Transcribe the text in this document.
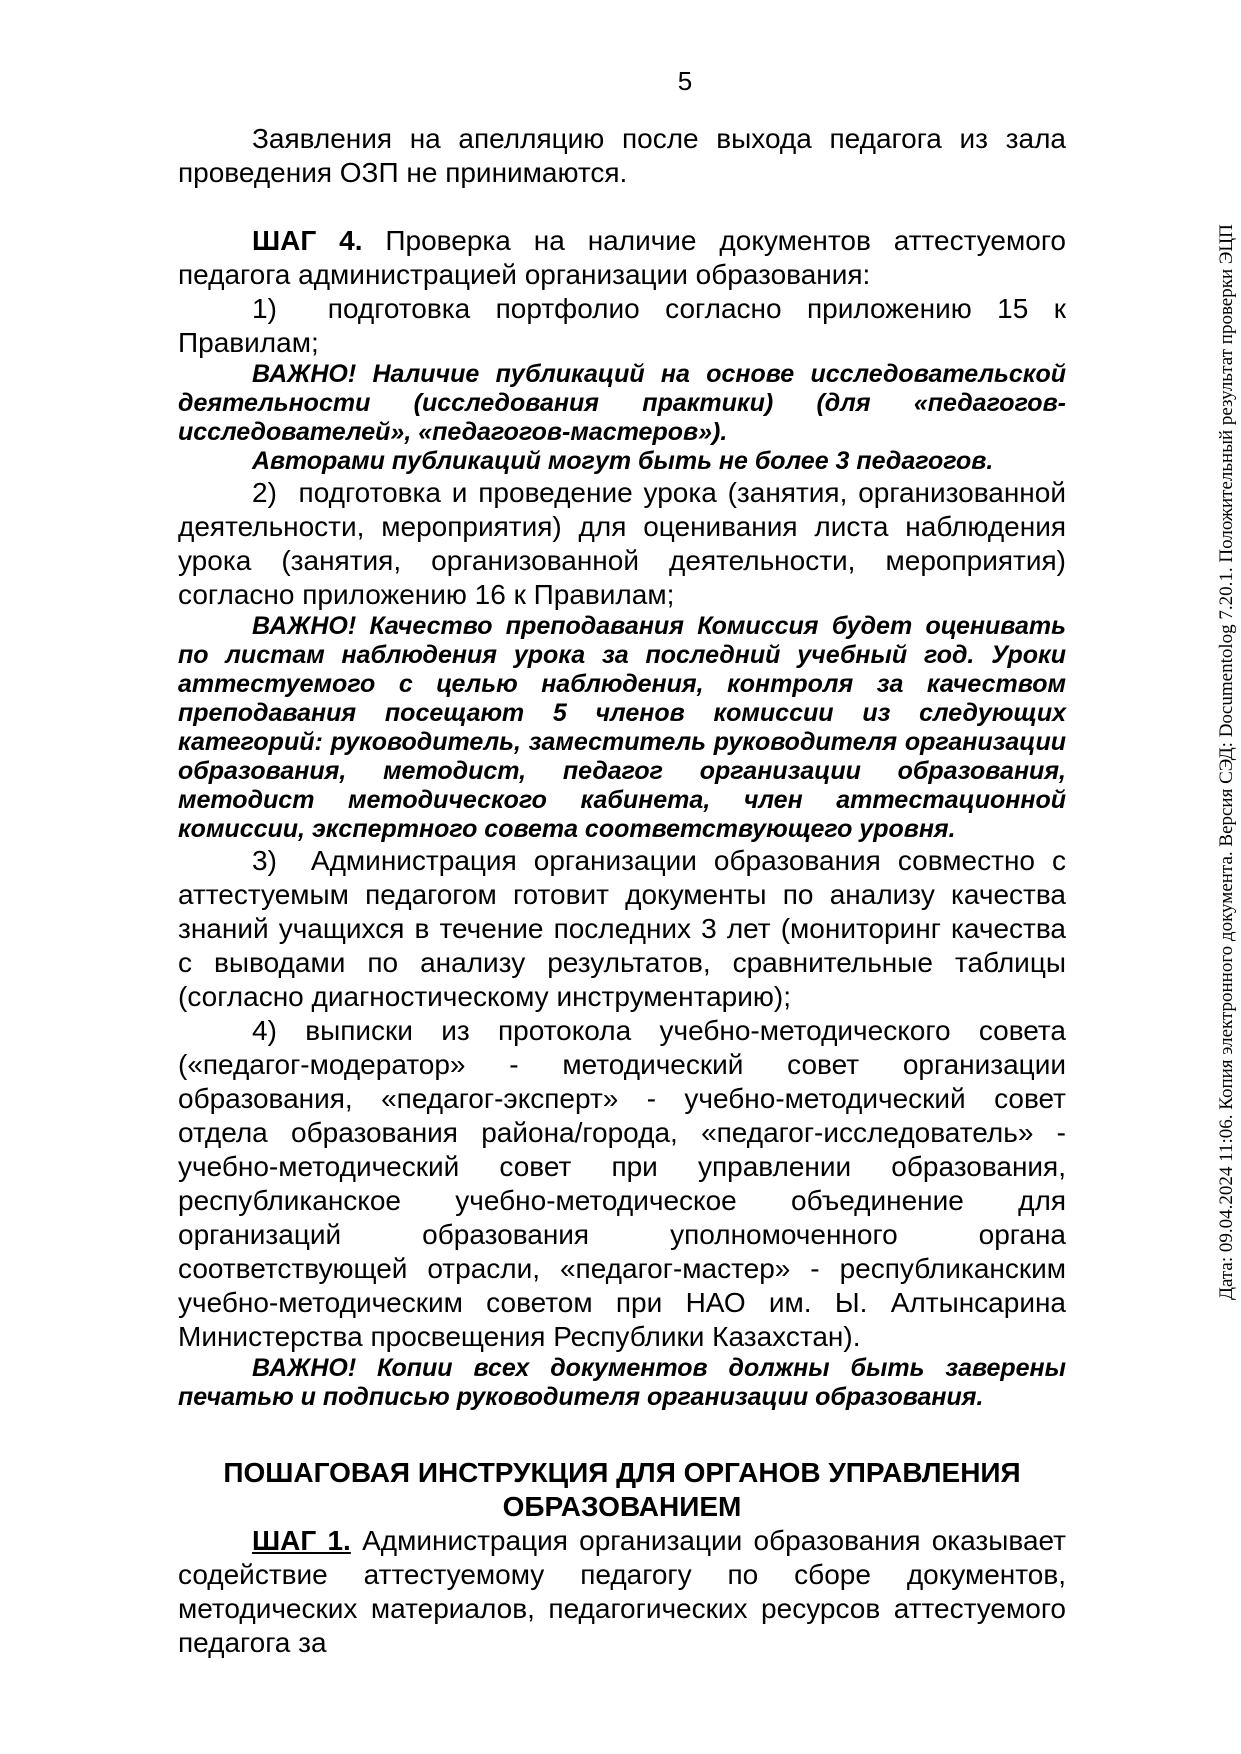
5

Заявления на апелляцию после выхода педагога из зала проведения ОЗП не принимаются.

ШАГ 4. Проверка на наличие документов аттестуемого педагога администрацией организации образования:

1)  подготовка портфолио согласно приложению 15 к Правилам;

ВАЖНО! Наличие публикаций на основе исследовательской деятельности (исследования практики) (для «педагогов-исследователей», «педагогов-мастеров»).

Авторами публикаций могут быть не более 3 педагогов.

2)  подготовка и проведение урока (занятия, организованной деятельности, мероприятия) для оценивания листа наблюдения урока (занятия, организованной деятельности, мероприятия) согласно приложению 16 к Правилам;

ВАЖНО! Качество преподавания Комиссия будет оценивать по листам наблюдения урока за последний учебный год. Уроки аттестуемого с целью наблюдения, контроля за качеством преподавания посещают 5 членов комиссии из следующих категорий: руководитель, заместитель руководителя организации образования, методист, педагог организации образования, методист методического кабинета, член аттестационной комиссии, экспертного совета соответствующего уровня.

3)  Администрация организации образования совместно с аттестуемым педагогом готовит документы по анализу качества знаний учащихся в течение последних 3 лет (мониторинг качества с выводами по анализу результатов, сравнительные таблицы (согласно диагностическому инструментарию);

4) выписки из протокола учебно-методического совета («педагог-модератор» - методический совет организации образования, «педагог-эксперт» - учебно-методический совет отдела образования района/города, «педагог-исследователь» - учебно-методический совет при управлении образования, республиканское учебно-методическое объединение для организаций образования уполномоченного органа соответствующей отрасли, «педагог-мастер» - республиканским учебно-методическим советом при НАО им. Ы. Алтынсарина Министерства просвещения Республики Казахстан).

ВАЖНО! Копии всех документов должны быть заверены печатью и подписью руководителя организации образования.

ПОШАГОВАЯ ИНСТРУКЦИЯ ДЛЯ ОРГАНОВ УПРАВЛЕНИЯ ОБРАЗОВАНИЕМ

ШАГ 1. Администрация организации образования оказывает содействие аттестуемому педагогу по сборе документов, методических материалов, педагогических ресурсов аттестуемого педагога за

Дата: 09.04.2024 11:06. Копия электронного документа. Версия СЭД: Documentolog 7.20.1. Положительный результат проверки ЭЦП
